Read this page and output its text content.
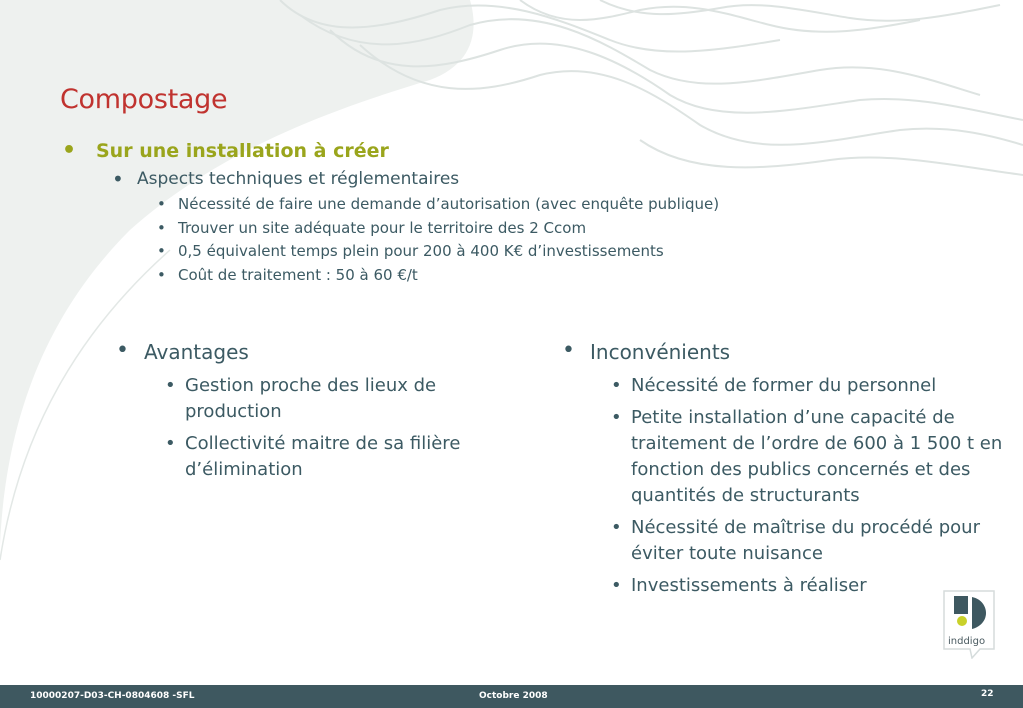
Compostage
• Sur une installation à créer
• Aspects techniques et réglementaires
• Nécessité de faire une demande d’autorisation (avec enquête publique)
• Trouver un site adéquate pour le territoire des 2 Ccom
• 0,5 équivalent temps plein pour 200 à 400 K€ d’investissements
• Coût de traitement : 50 à 60 €/t
• Avantages
• Gestion proche des lieux de production
• Collectivité maitre de sa filière d’élimination
• Inconvénients
• Nécessité de former du personnel
• Petite installation d’une capacité de traitement de l’ordre de 600 à 1 500 t en fonction des publics concernés et des quantités de structurants
• Nécessité de maîtrise du procédé pour éviter toute nuisance
• Investissements à réaliser
inddigo
10000207-D03-CH-0804608 -SFL	Octobre 2008	22
